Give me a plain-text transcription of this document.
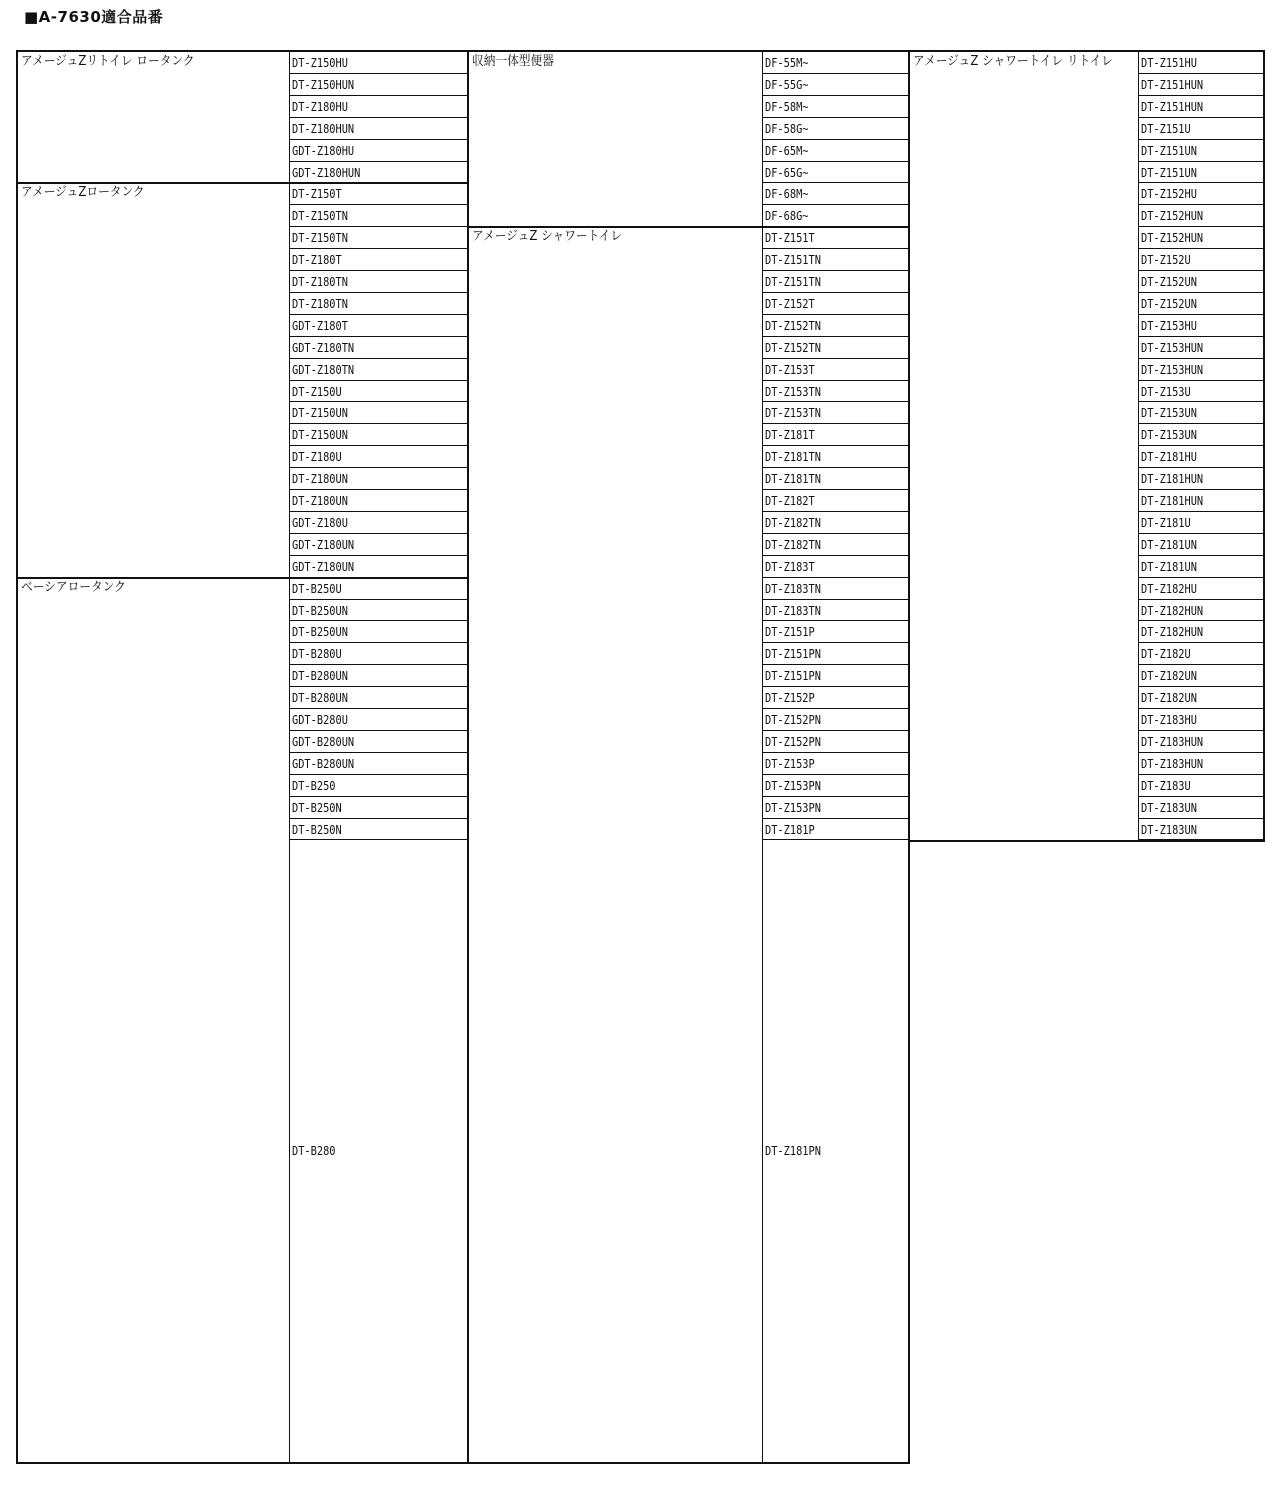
■A-7630適合品番
アメージュZリトイレ ロータンク	DT-Z150HU
DT-Z150HUN
DT-Z180HU
DT-Z180HUN
GDT-Z180HU
GDT-Z180HUN
アメージュZロータンク	DT-Z150T
DT-Z150TN
DT-Z150TN
DT-Z180T
DT-Z180TN
DT-Z180TN
GDT-Z180T
GDT-Z180TN
GDT-Z180TN
DT-Z150U
DT-Z150UN
DT-Z150UN
DT-Z180U
DT-Z180UN
DT-Z180UN
GDT-Z180U
GDT-Z180UN
GDT-Z180UN
ベーシアロータンク	DT-B250U
DT-B250UN
DT-B250UN
DT-B280U
DT-B280UN
DT-B280UN
GDT-B280U
GDT-B280UN
GDT-B280UN
DT-B250
DT-B250N
DT-B250N
DT-B280
収納一体型便器	DF-55M~
DF-55G~
DF-58M~
DF-58G~
DF-65M~
DF-65G~
DF-68M~
DF-68G~
アメージュZ シャワートイレ	DT-Z151T
DT-Z151TN
DT-Z151TN
DT-Z152T
DT-Z152TN
DT-Z152TN
DT-Z153T
DT-Z153TN
DT-Z153TN
DT-Z181T
DT-Z181TN
DT-Z181TN
DT-Z182T
DT-Z182TN
DT-Z182TN
DT-Z183T
DT-Z183TN
DT-Z183TN
DT-Z151P
DT-Z151PN
DT-Z151PN
DT-Z152P
DT-Z152PN
DT-Z152PN
DT-Z153P
DT-Z153PN
DT-Z153PN
DT-Z181P
DT-Z181PN
アメージュZ シャワートイレ リトイレ DT-Z151HU
DT-Z151HUN
DT-Z151HUN
DT-Z151U
DT-Z151UN
DT-Z151UN
DT-Z152HU
DT-Z152HUN
DT-Z152HUN
DT-Z152U
DT-Z152UN
DT-Z152UN
DT-Z153HU
DT-Z153HUN
DT-Z153HUN
DT-Z153U
DT-Z153UN
DT-Z153UN
DT-Z181HU
DT-Z181HUN
DT-Z181HUN
DT-Z181U
DT-Z181UN
DT-Z181UN
DT-Z182HU
DT-Z182HUN
DT-Z182HUN
DT-Z182U
DT-Z182UN
DT-Z182UN
DT-Z183HU
DT-Z183HUN
DT-Z183HUN
DT-Z183U
DT-Z183UN
DT-Z183UN
